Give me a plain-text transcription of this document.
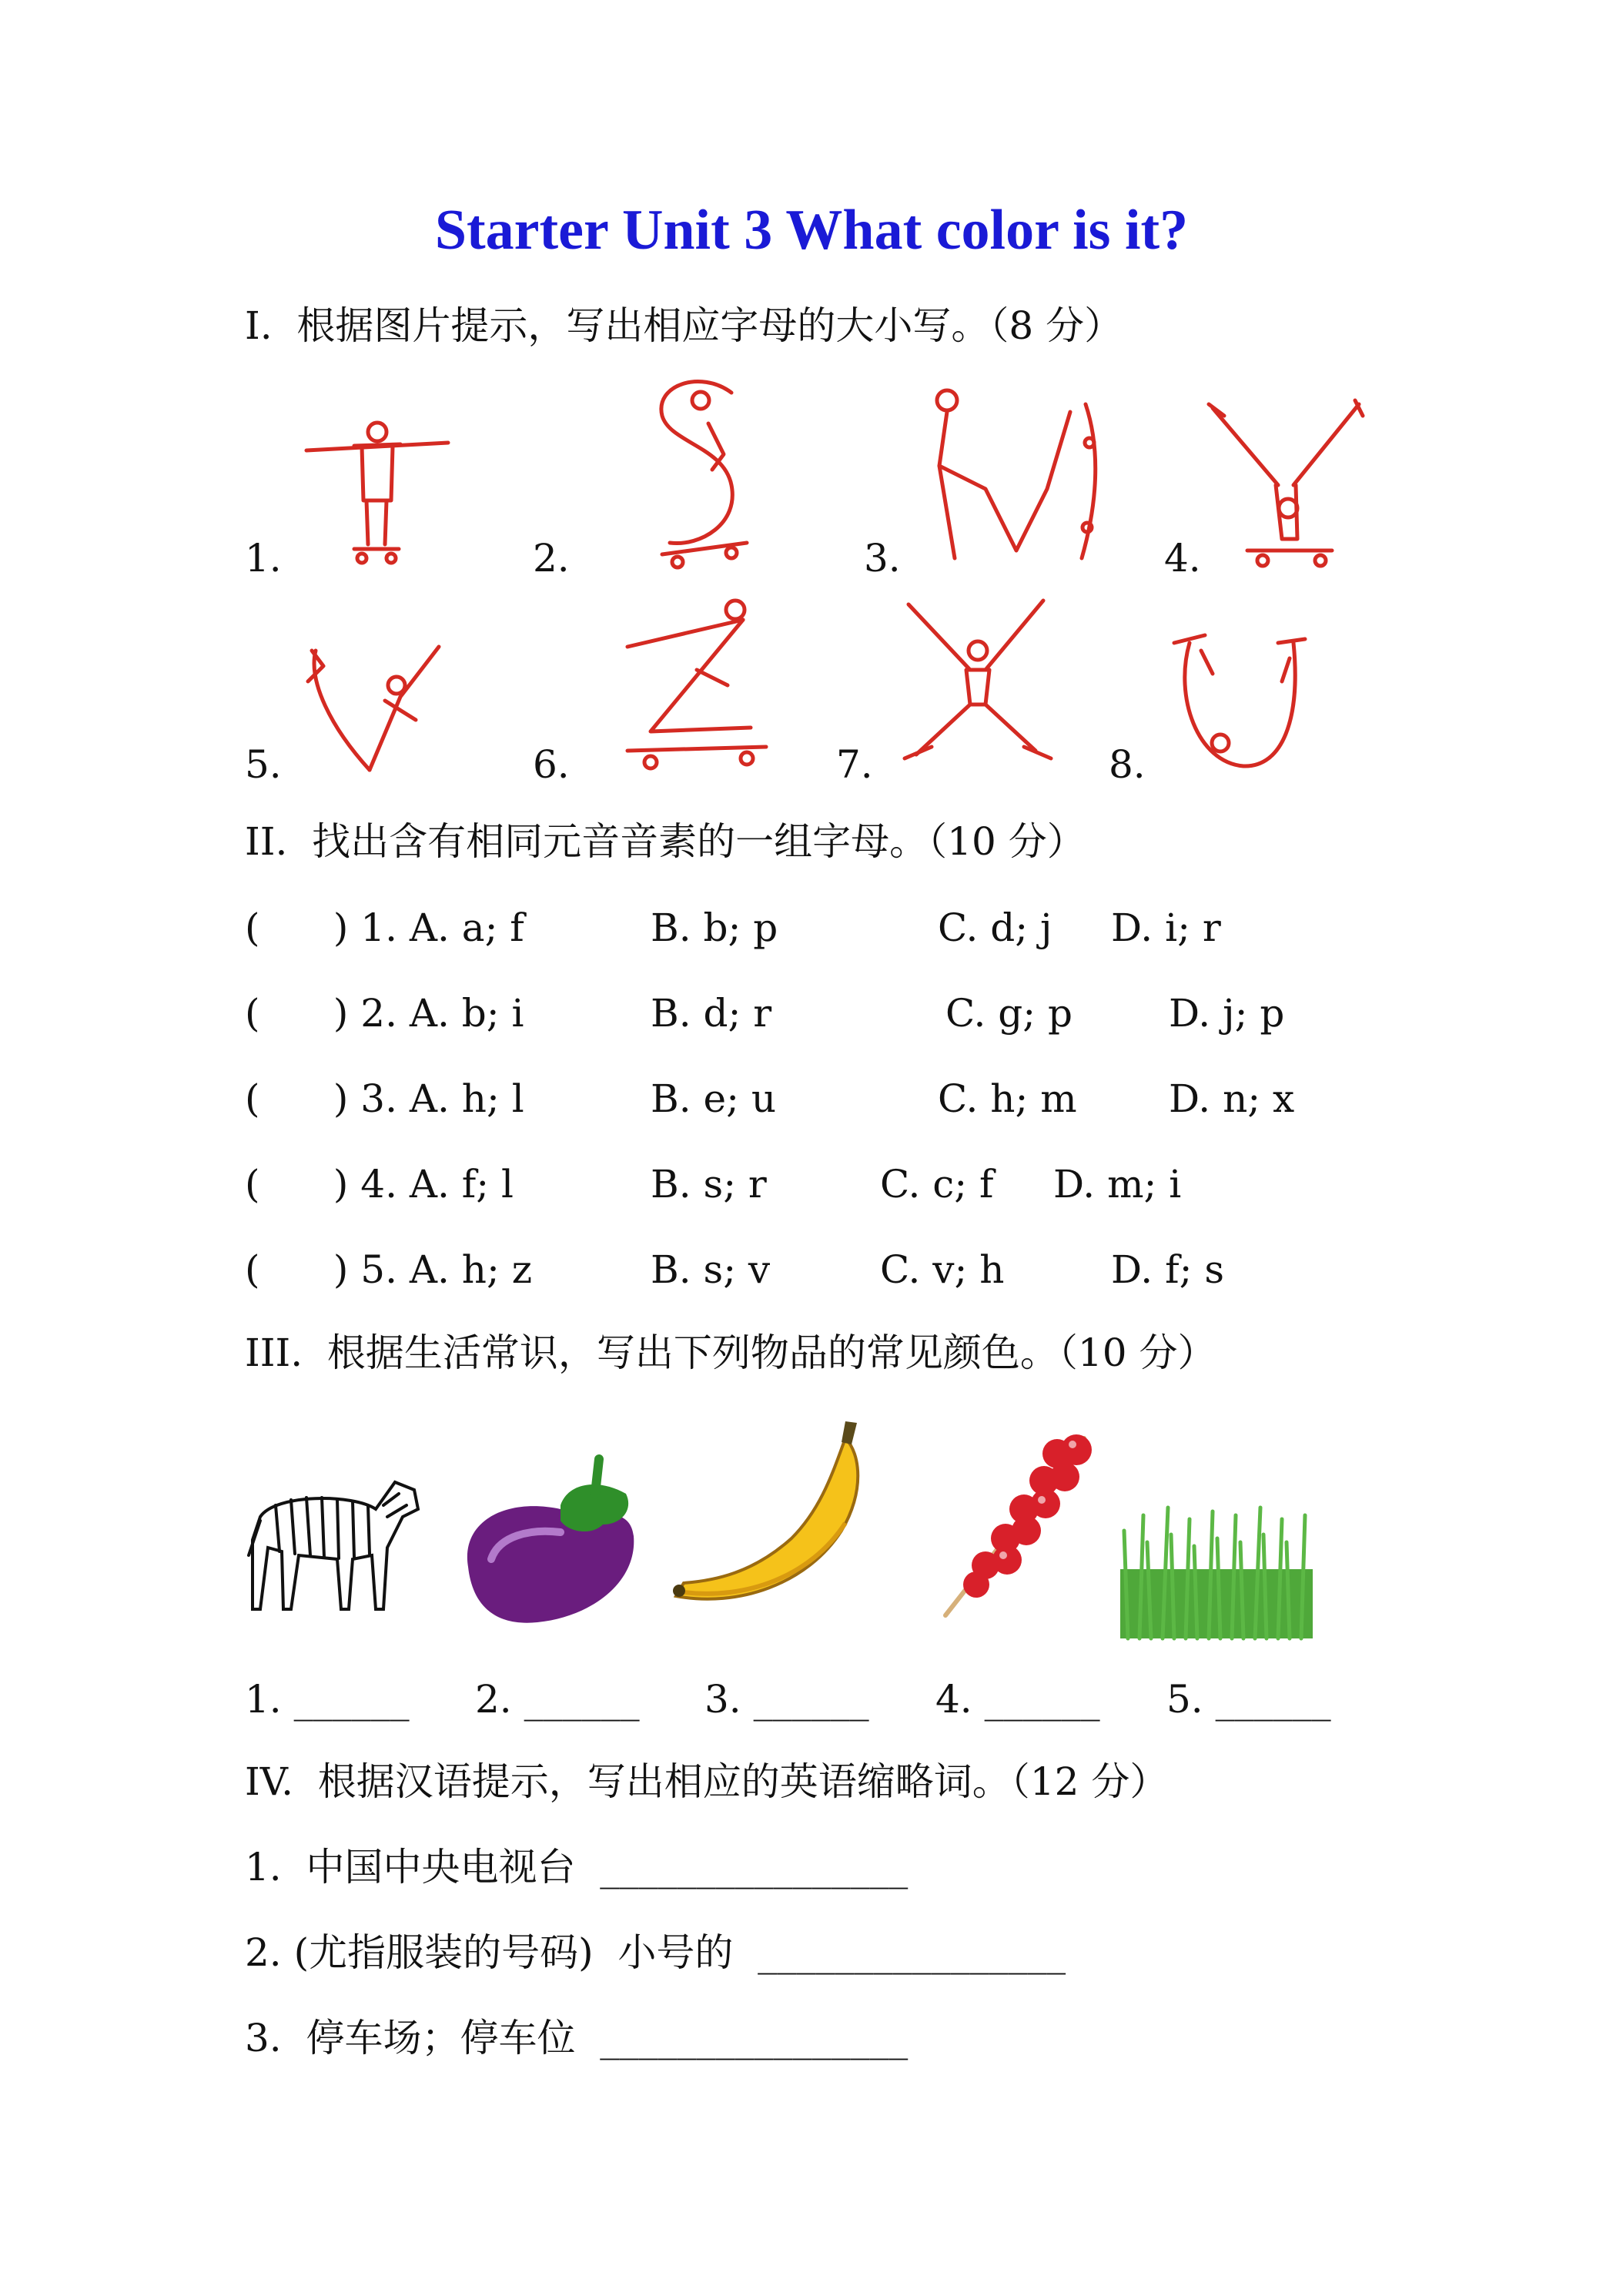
Starter Unit 3 What color is it?
I.  根据图片提示，写出相应字母的大小写。（8 分）
1.	2.	3.	4.
5.	6.	7.	8.
II.  找出含有相同元音音素的一组字母。（10 分）
(      ) 1. A. a; f	B. b; p	C. d; j D. i; r
(      ) 2. A. b; i	B. d; r	C. g; p D. j; p
(      ) 3. A. h; l	B. e; u	C. h; m D. n; x
(      ) 4. A. f; l	B. s; r	C. c; f D. m; i
(      ) 5. A. h; z	B. s; v	C. v; h	D. f; s
III.  根据生活常识，写出下列物品的常见颜色。（10 分）
1. ______ 2. ______ 3. ______ 4. ______ 5. ______
IV.  根据汉语提示，写出相应的英语缩略词。（12 分）
1.  中国中央电视台  ________________
2. (尤指服装的号码)  小号的  ________________
3.  停车场；停车位  ________________
